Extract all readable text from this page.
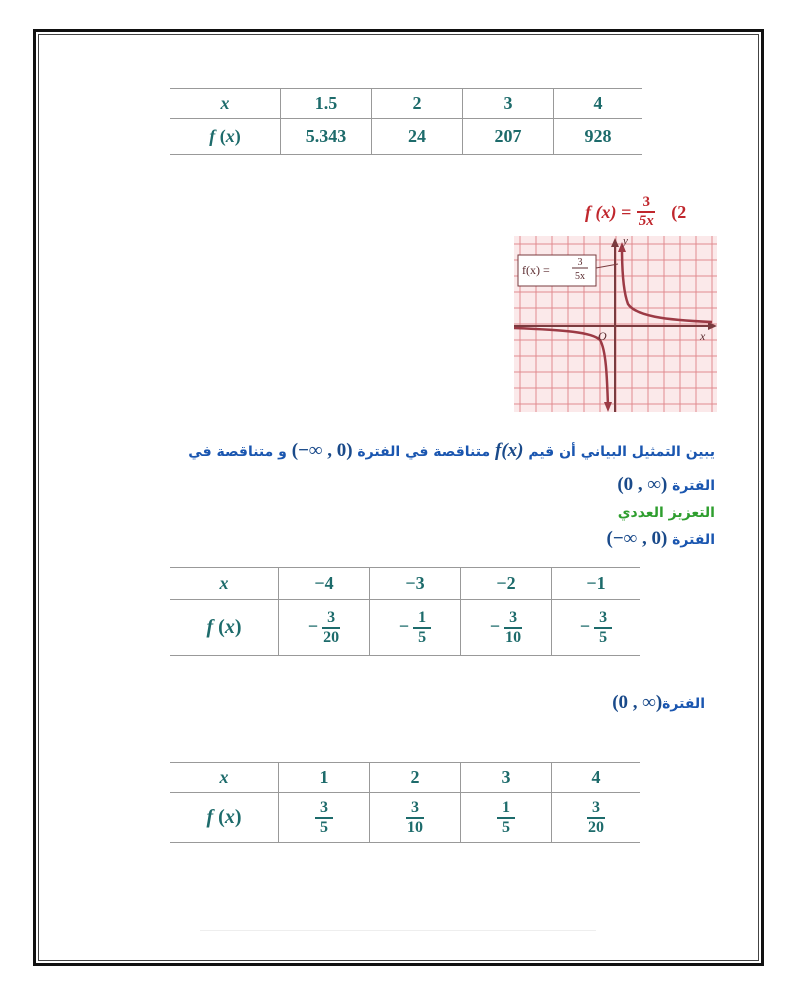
x	1.5	2	3	4
f (x)	5.343	24	207	928
f $(x) = \frac{3}{5x} (2$
f(x) =
3
5x
O	x
y
يبين التمثيل البياني أن قيم f(x) متناقصة في الفترة (−∞ , 0) و متناقصة في
الفترة (0 , ∞)
التعزيز العددي
الفترة (−∞ , 0)
x	−4	−3	−2	−1
f (x)	− $\frac{3}{20}$	− $\frac{1}{5}$	− $\frac{3}{10}$	− $\frac{3}{5}$
الفترة(0 , ∞)
x	1	2	3	4
f (x)	$\frac{3}{5}$	$\frac{3}{10}$	$\frac{1}{5}$	$\frac{3}{20}$
